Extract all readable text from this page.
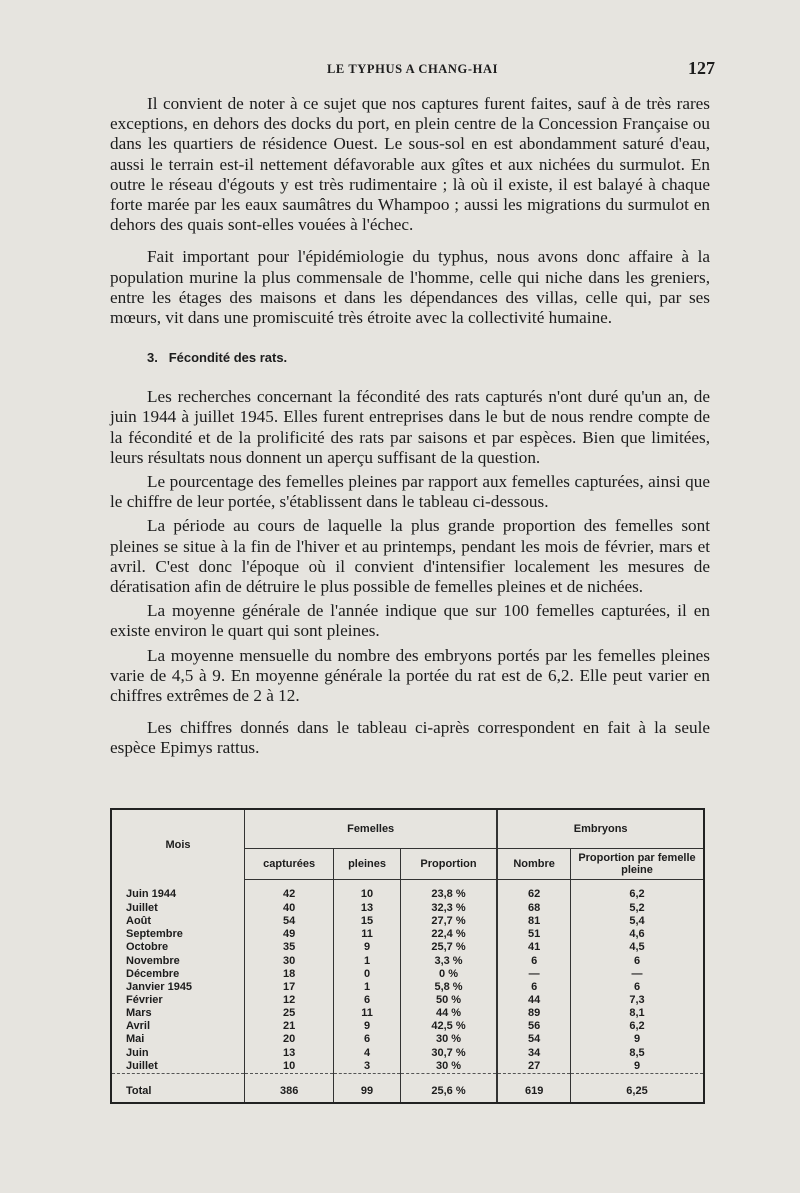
LE TYPHUS A CHANG-HAI	127

Il convient de noter à ce sujet que nos captures furent faites, sauf à de très rares exceptions, en dehors des docks du port, en plein centre de la Concession Française ou dans les quartiers de résidence Ouest. Le sous-sol en est abondamment saturé d'eau, aussi le terrain est-il nettement défavorable aux gîtes et aux nichées du surmulot. En outre le réseau d'égouts y est très rudimentaire ; là où il existe, il est balayé à chaque forte marée par les eaux saumâtres du Whampoo ; aussi les migrations du surmulot en dehors des quais sont-elles vouées à l'échec.

Fait important pour l'épidémiologie du typhus, nous avons donc affaire à la population murine la plus commensale de l'homme, celle qui niche dans les greniers, entre les étages des maisons et dans les dépendances des villas, celle qui, par ses mœurs, vit dans une promiscuité très étroite avec la collectivité humaine.

3. Fécondité des rats.

Les recherches concernant la fécondité des rats capturés n'ont duré qu'un an, de juin 1944 à juillet 1945. Elles furent entreprises dans le but de nous rendre compte de la fécondité et de la prolificité des rats par saisons et par espèces. Bien que limitées, leurs résultats nous donnent un aperçu suffisant de la question.

Le pourcentage des femelles pleines par rapport aux femelles capturées, ainsi que le chiffre de leur portée, s'établissent dans le tableau ci-dessous.

La période au cours de laquelle la plus grande proportion des femelles sont pleines se situe à la fin de l'hiver et au printemps, pendant les mois de février, mars et avril. C'est donc l'époque où il convient d'intensifier localement les mesures de dératisation afin de détruire le plus possible de femelles pleines et de nichées.

La moyenne générale de l'année indique que sur 100 femelles capturées, il en existe environ le quart qui sont pleines.

La moyenne mensuelle du nombre des embryons portés par les femelles pleines varie de 4,5 à 9. En moyenne générale la portée du rat est de 6,2. Elle peut varier en chiffres extrêmes de 2 à 12.

Les chiffres donnés dans le tableau ci-après correspondent en fait à la seule espèce Epimys rattus.

Mois	Femelles			Embryons	
	capturées	pleines	Proportion	Nombre	Proportion par femelle pleine
Juin 1944	42	10	23,8 %	62	6,2
Juillet	40	13	32,3 %	68	5,2
Août	54	15	27,7 %	81	5,4
Septembre	49	11	22,4 %	51	4,6
Octobre	35	9	25,7 %	41	4,5
Novembre	30	1	3,3 %	6	6
Décembre	18	0	0 %	—	—
Janvier 1945	17	1	5,8 %	6	6
Février	12	6	50 %	44	7,3
Mars	25	11	44 %	89	8,1
Avril	21	9	42,5 %	56	6,2
Mai	20	6	30 %	54	9
Juin	13	4	30,7 %	34	8,5
Juillet	10	3	30 %	27	9
Total	386	99	25,6 %	619	6,25
